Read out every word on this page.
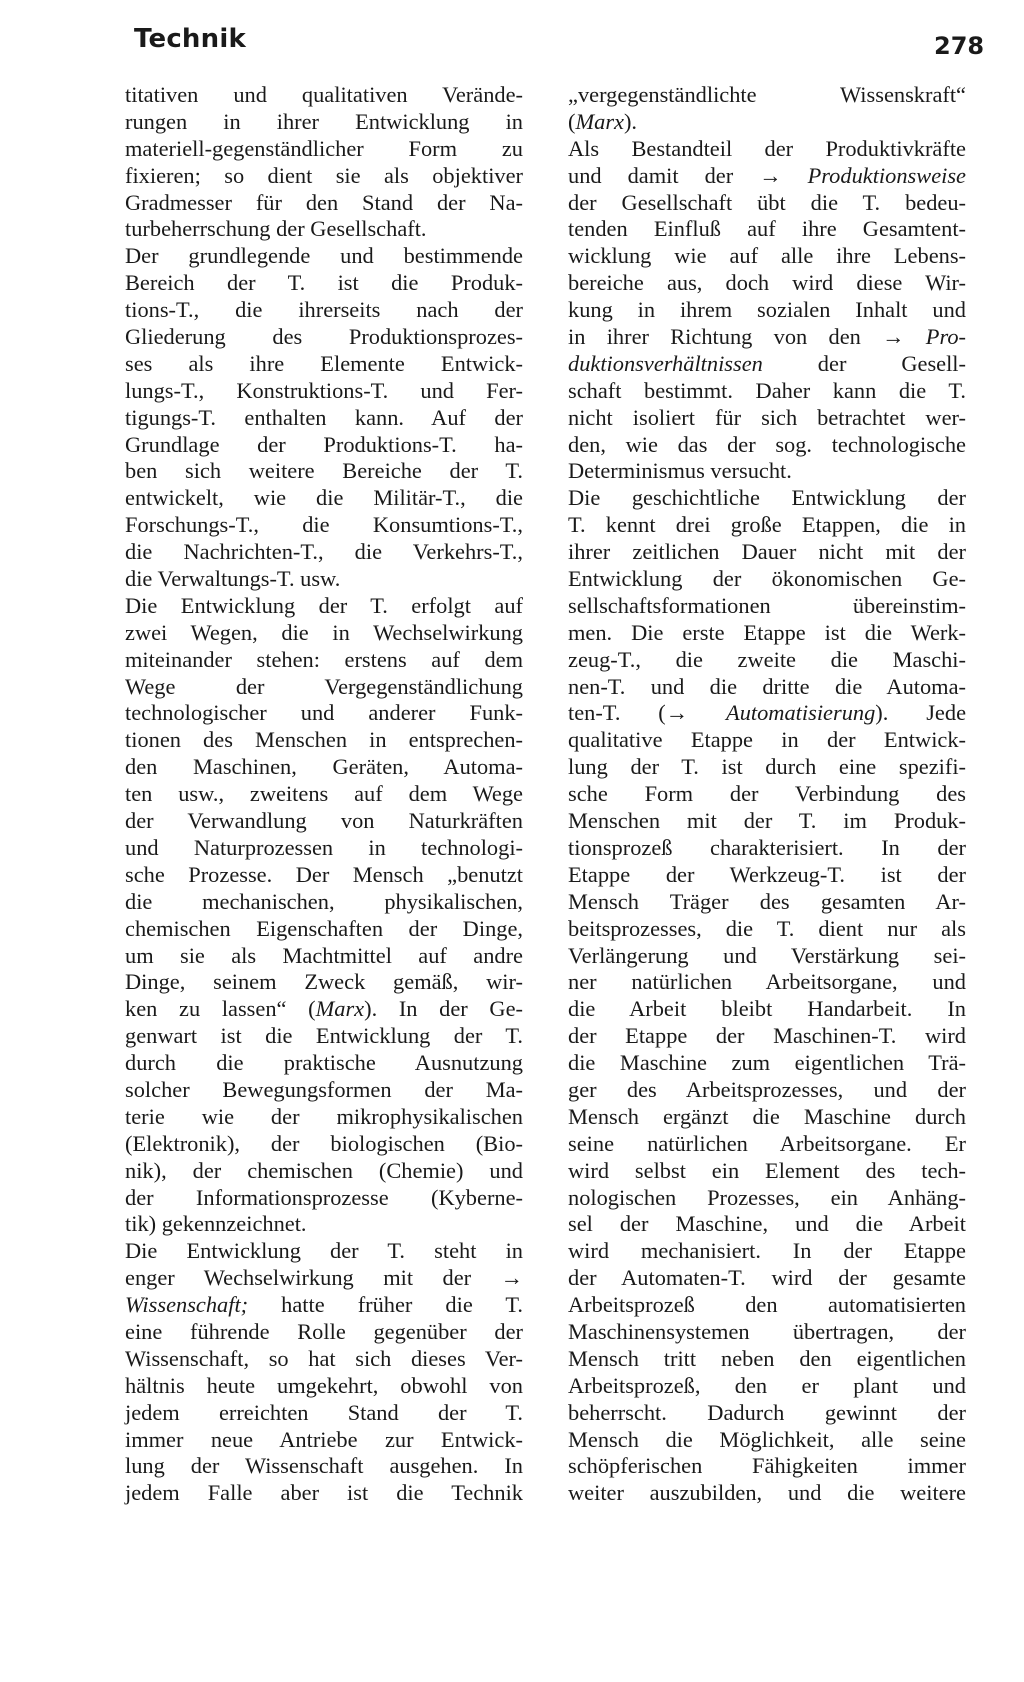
Technik	278
titativen und qualitativen Verände-
rungen in ihrer Entwicklung in
materiell-gegenständlicher Form zu
fixieren; so dient sie als objektiver
Gradmesser für den Stand der Na-
turbeherrschung der Gesellschaft.
Der grundlegende und bestimmende
Bereich der T. ist die Produk-
tions-T., die ihrerseits nach der
Gliederung des Produktionsprozes-
ses als ihre Elemente Entwick-
lungs-T., Konstruktions-T. und Fer-
tigungs-T. enthalten kann. Auf der
Grundlage der Produktions-T. ha-
ben sich weitere Bereiche der T.
entwickelt, wie die Militär-T., die
Forschungs-T., die Konsumtions-T.,
die Nachrichten-T., die Verkehrs-T.,
die Verwaltungs-T. usw.
Die Entwicklung der T. erfolgt auf
zwei Wegen, die in Wechselwirkung
miteinander stehen: erstens auf dem
Wege der Vergegenständlichung
technologischer und anderer Funk-
tionen des Menschen in entsprechen-
den Maschinen, Geräten, Automa-
ten usw., zweitens auf dem Wege
der Verwandlung von Naturkräften
und Naturprozessen in technologi-
sche Prozesse. Der Mensch „benutzt
die mechanischen, physikalischen,
chemischen Eigenschaften der Dinge,
um sie als Machtmittel auf andre
Dinge, seinem Zweck gemäß, wir-
ken zu lassen“ (Marx). In der Ge-
genwart ist die Entwicklung der T.
durch die praktische Ausnutzung
solcher Bewegungsformen der Ma-
terie wie der mikrophysikalischen
(Elektronik), der biologischen (Bio-
nik), der chemischen (Chemie) und
der Informationsprozesse (Kyberne-
tik) gekennzeichnet.
Die Entwicklung der T. steht in
enger Wechselwirkung mit der →
Wissenschaft; hatte früher die T.
eine führende Rolle gegenüber der
Wissenschaft, so hat sich dieses Ver-
hältnis heute umgekehrt, obwohl von
jedem erreichten Stand der T.
immer neue Antriebe zur Entwick-
lung der Wissenschaft ausgehen. In
jedem Falle aber ist die Technik
„vergegenständlichte Wissenskraft“
(Marx).
Als Bestandteil der Produktivkräfte
und damit der → Produktionsweise
der Gesellschaft übt die T. bedeu-
tenden Einfluß auf ihre Gesamtent-
wicklung wie auf alle ihre Lebens-
bereiche aus, doch wird diese Wir-
kung in ihrem sozialen Inhalt und
in ihrer Richtung von den → Pro-
duktionsverhältnissen der Gesell-
schaft bestimmt. Daher kann die T.
nicht isoliert für sich betrachtet wer-
den, wie das der sog. technologische
Determinismus versucht.
Die geschichtliche Entwicklung der
T. kennt drei große Etappen, die in
ihrer zeitlichen Dauer nicht mit der
Entwicklung der ökonomischen Ge-
sellschaftsformationen übereinstim-
men. Die erste Etappe ist die Werk-
zeug-T., die zweite die Maschi-
nen-T. und die dritte die Automa-
ten-T. (→ Automatisierung). Jede
qualitative Etappe in der Entwick-
lung der T. ist durch eine spezifi-
sche Form der Verbindung des
Menschen mit der T. im Produk-
tionsprozeß charakterisiert. In der
Etappe der Werkzeug-T. ist der
Mensch Träger des gesamten Ar-
beitsprozesses, die T. dient nur als
Verlängerung und Verstärkung sei-
ner natürlichen Arbeitsorgane, und
die Arbeit bleibt Handarbeit. In
der Etappe der Maschinen-T. wird
die Maschine zum eigentlichen Trä-
ger des Arbeitsprozesses, und der
Mensch ergänzt die Maschine durch
seine natürlichen Arbeitsorgane. Er
wird selbst ein Element des tech-
nologischen Prozesses, ein Anhäng-
sel der Maschine, und die Arbeit
wird mechanisiert. In der Etappe
der Automaten-T. wird der gesamte
Arbeitsprozeß den automatisierten
Maschinensystemen übertragen, der
Mensch tritt neben den eigentlichen
Arbeitsprozeß, den er plant und
beherrscht. Dadurch gewinnt der
Mensch die Möglichkeit, alle seine
schöpferischen Fähigkeiten immer
weiter auszubilden, und die weitere
